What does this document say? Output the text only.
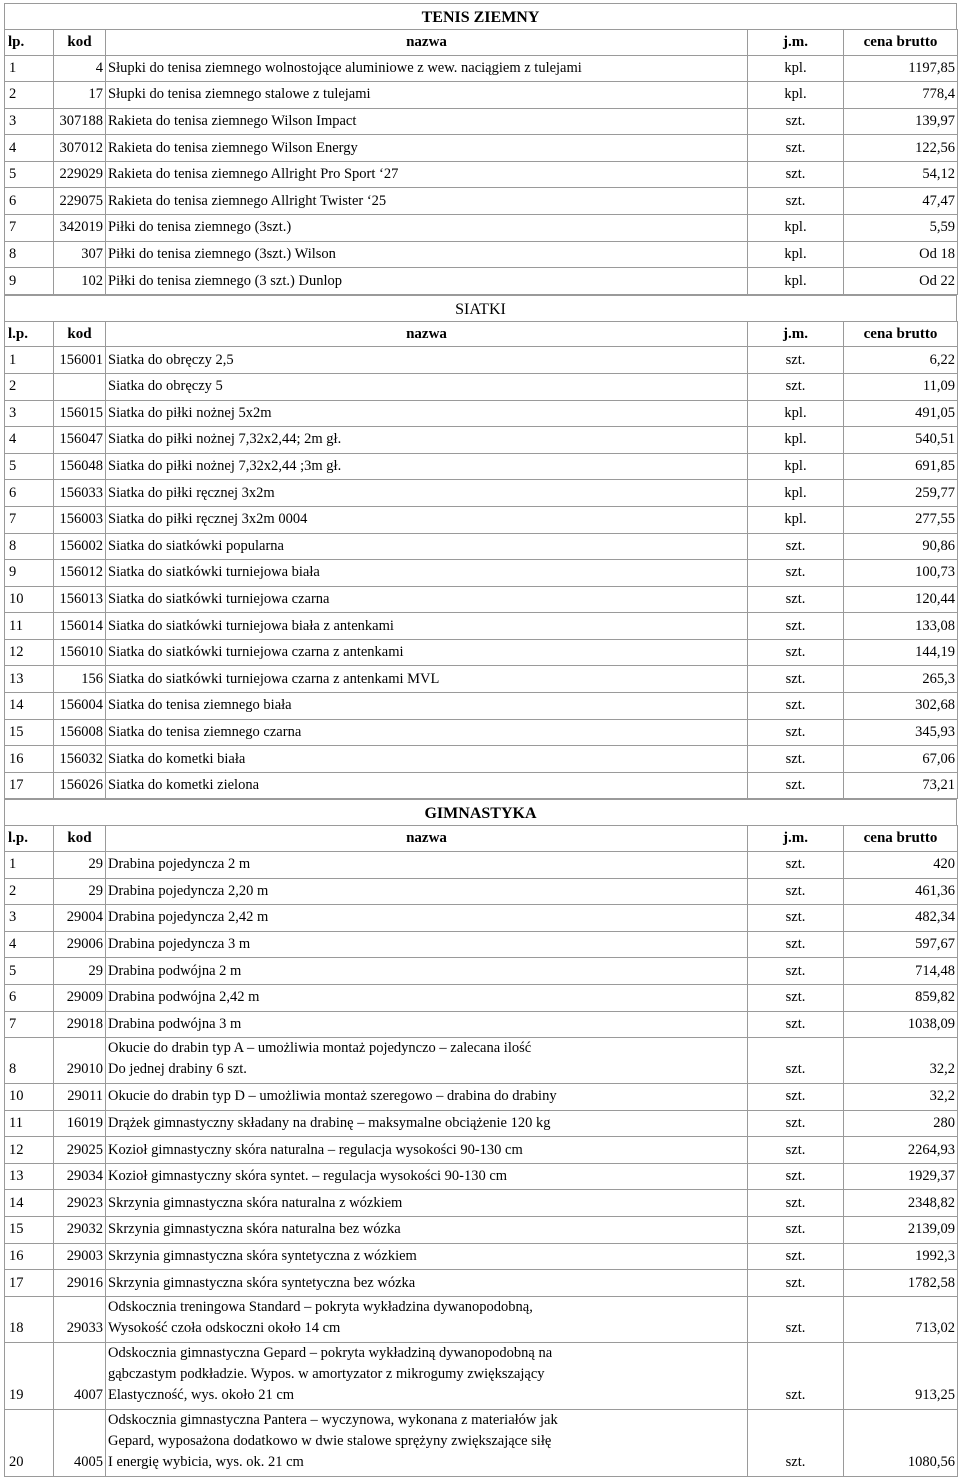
TENIS ZIEMNY
lp.	kod	nazwa	j.m.	cena brutto
1	4	Słupki do tenisa ziemnego wolnostojące aluminiowe z wew. naciągiem z tulejami	kpl.	1197,85
2	17	Słupki do tenisa ziemnego stalowe z tulejami	kpl.	778,4
3	307188	Rakieta do tenisa ziemnego Wilson Impact	szt.	139,97
4	307012	Rakieta do tenisa ziemnego Wilson Energy	szt.	122,56
5	229029	Rakieta do tenisa ziemnego Allright Pro Sport ‘27	szt.	54,12
6	229075	Rakieta do tenisa ziemnego Allright Twister ‘25	szt.	47,47
7	342019	Piłki do tenisa ziemnego (3szt.)	kpl.	5,59
8	307	Piłki do tenisa ziemnego (3szt.) Wilson	kpl.	Od 18
9	102	Piłki do tenisa ziemnego (3 szt.) Dunlop	kpl.	Od 22
SIATKI
l.p.	kod	nazwa	j.m.	cena brutto
1	156001	Siatka do obręczy 2,5	szt.	6,22
2		Siatka do obręczy 5	szt.	11,09
3	156015	Siatka do piłki nożnej 5x2m	kpl.	491,05
4	156047	Siatka do piłki nożnej 7,32x2,44; 2m gł.	kpl.	540,51
5	156048	Siatka do piłki nożnej 7,32x2,44 ;3m gł.	kpl.	691,85
6	156033	Siatka do piłki ręcznej 3x2m	kpl.	259,77
7	156003	Siatka do piłki ręcznej 3x2m 0004	kpl.	277,55
8	156002	Siatka do siatkówki popularna	szt.	90,86
9	156012	Siatka do siatkówki turniejowa biała	szt.	100,73
10	156013	Siatka do siatkówki turniejowa czarna	szt.	120,44
11	156014	Siatka do siatkówki turniejowa biała z antenkami	szt.	133,08
12	156010	Siatka do siatkówki turniejowa czarna z antenkami	szt.	144,19
13	156	Siatka do siatkówki turniejowa czarna z antenkami MVL	szt.	265,3
14	156004	Siatka do tenisa ziemnego biała	szt.	302,68
15	156008	Siatka do tenisa ziemnego czarna	szt.	345,93
16	156032	Siatka do kometki biała	szt.	67,06
17	156026	Siatka do kometki zielona	szt.	73,21
GIMNASTYKA
l.p.	kod	nazwa	j.m.	cena brutto
1	29	Drabina pojedyncza 2 m	szt.	420
2	29	Drabina pojedyncza 2,20 m	szt.	461,36
3	29004	Drabina pojedyncza 2,42 m	szt.	482,34
4	29006	Drabina pojedyncza 3 m	szt.	597,67
5	29	Drabina podwójna 2 m	szt.	714,48
6	29009	Drabina podwójna 2,42 m	szt.	859,82
7	29018	Drabina podwójna 3 m	szt.	1038,09
8	29010	Okucie do drabin typ A – umożliwia montaż pojedynczo – zalecana ilość
Do jednej drabiny 6 szt.	szt.	32,2
10	29011	Okucie do drabin typ D – umożliwia montaż szeregowo – drabina do drabiny	szt.	32,2
11	16019	Drążek gimnastyczny składany na drabinę – maksymalne obciążenie 120 kg	szt.	280
12	29025	Kozioł gimnastyczny skóra naturalna – regulacja wysokości 90-130 cm	szt.	2264,93
13	29034	Kozioł gimnastyczny skóra syntet. – regulacja wysokości 90-130 cm	szt.	1929,37
14	29023	Skrzynia gimnastyczna skóra naturalna z wózkiem	szt.	2348,82
15	29032	Skrzynia gimnastyczna skóra naturalna bez wózka	szt.	2139,09
16	29003	Skrzynia gimnastyczna skóra syntetyczna z wózkiem	szt.	1992,3
17	29016	Skrzynia gimnastyczna skóra syntetyczna bez wózka	szt.	1782,58
18	29033	Odskocznia treningowa Standard – pokryta wykładzina dywanopodobną,
Wysokość czoła odskoczni około 14 cm	szt.	713,02
19	4007	Odskocznia gimnastyczna Gepard – pokryta wykładziną dywanopodobną na
gąbczastym podkładzie. Wypos. w amortyzator z mikrogumy zwiększający
Elastyczność, wys. około 21 cm	szt.	913,25
20	4005	Odskocznia gimnastyczna Pantera – wyczynowa, wykonana z materiałów jak
Gepard, wyposażona dodatkowo w dwie stalowe sprężyny zwiększające siłę
I energię wybicia, wys. ok. 21 cm	szt.	1080,56
